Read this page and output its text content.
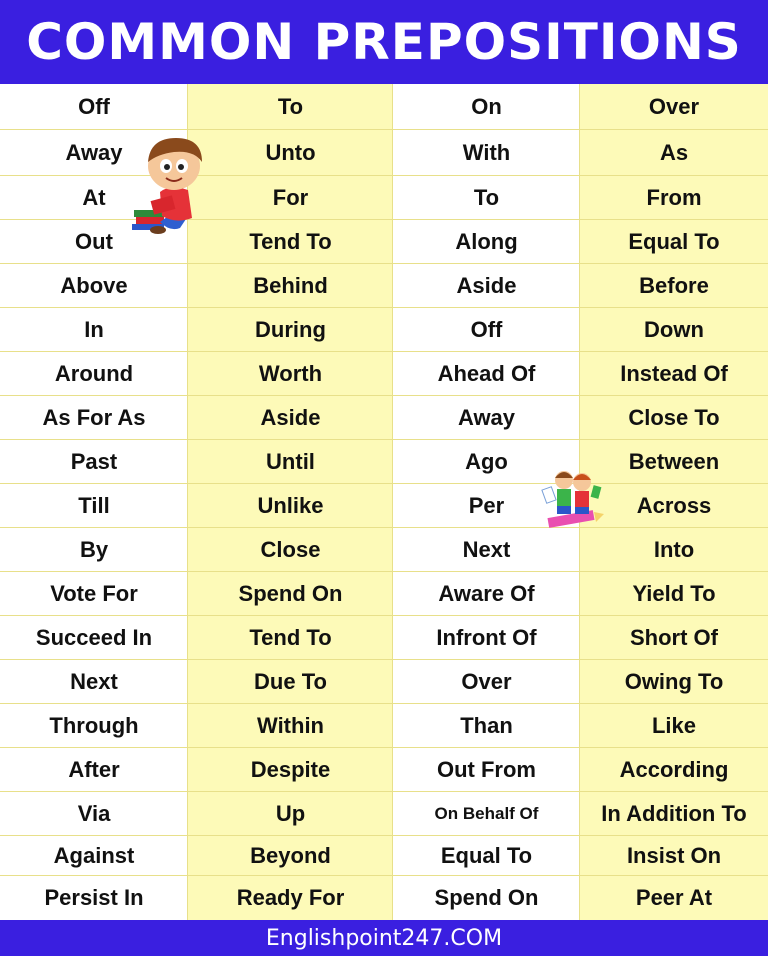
COMMON PREPOSITIONS
Off	To	On	Over
Away	Unto	With	As
At	For	To	From
Out	Tend To	Along	Equal To
Above	Behind	Aside	Before
In	During	Off	Down
Around	Worth	Ahead Of	Instead Of
As For As	Aside	Away	Close To
Past	Until	Ago	Between
Till	Unlike	Per	Across
By	Close	Next	Into
Vote For	Spend On	Aware Of	Yield To
Succeed In	Tend To	Infront Of	Short Of
Next	Due To	Over	Owing To
Through	Within	Than	Like
After	Despite	Out From	According
Via	Up	On Behalf Of	In Addition To
Against	Beyond	Equal To	Insist On
Persist In	Ready For	Spend On	Peer At
Englishpoint247.COM
